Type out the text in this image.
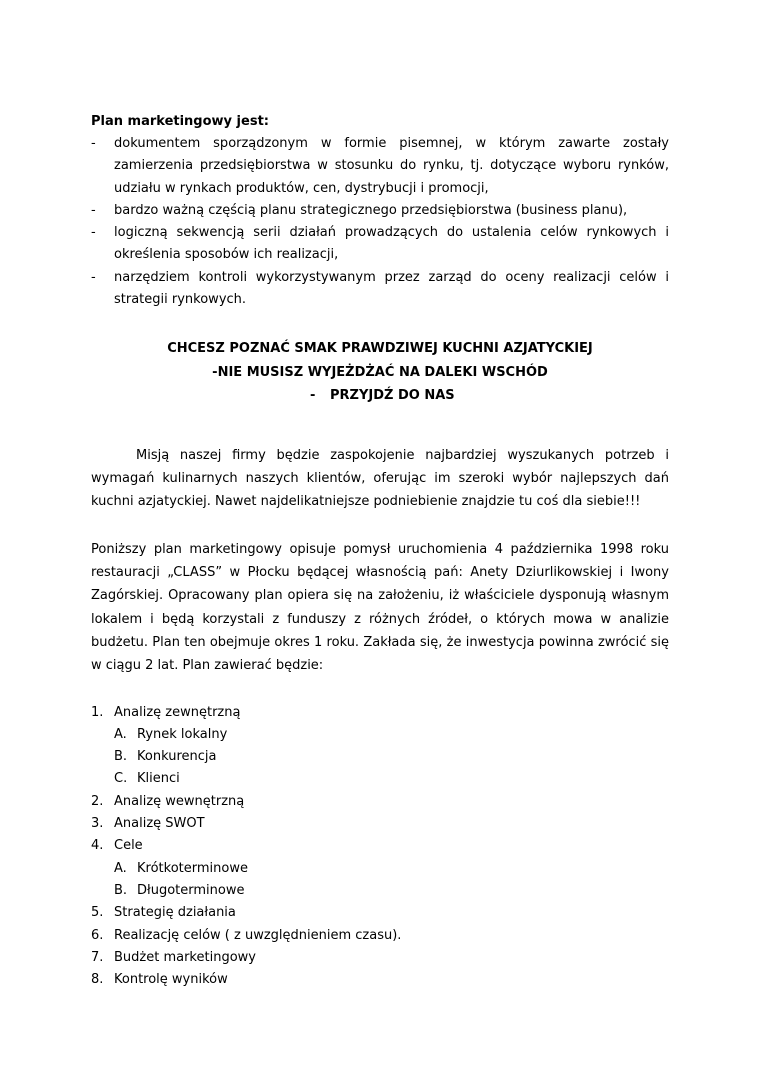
Plan marketingowy jest:

- dokumentem sporządzonym w formie pisemnej, w którym zawarte zostały zamierzenia przedsiębiorstwa w stosunku do rynku, tj. dotyczące wyboru rynków, udziału w rynkach produktów, cen, dystrybucji i promocji,
- bardzo ważną częścią planu strategicznego przedsiębiorstwa (business planu),
- logiczną sekwencją serii działań prowadzących do ustalenia celów rynkowych i określenia sposobów ich realizacji,
- narzędziem kontroli wykorzystywanym przez zarząd do oceny realizacji celów i strategii rynkowych.
CHCESZ POZNAĆ SMAK PRAWDZIWEJ KUCHNI AZJATYCKIEJ
-NIE MUSISZ WYJEŻDŻAĆ NA DALEKI WSCHÓD
- PRZYJDŹ DO NAS

Misją naszej firmy będzie zaspokojenie najbardziej wyszukanych potrzeb i wymagań kulinarnych naszych klientów, oferując im szeroki wybór najlepszych dań kuchni azjatyckiej. Nawet najdelikatniejsze podniebienie znajdzie tu coś dla siebie!!!

Poniższy plan marketingowy opisuje pomysł uruchomienia 4 października 1998 roku restauracji „CLASS” w Płocku będącej własnością pań: Anety Dziurlikowskiej i Iwony Zagórskiej. Opracowany plan opiera się na założeniu, iż właściciele dysponują własnym lokalem i będą korzystali z funduszy z różnych źródeł, o których mowa w analizie budżetu. Plan ten obejmuje okres 1 roku. Zakłada się, że inwestycja powinna zwrócić się w ciągu 2 lat. Plan zawierać będzie:

1. Analizę zewnętrzną
A. Rynek lokalny
B. Konkurencja
C. Klienci
2. Analizę wewnętrzną
3. Analizę SWOT
4. Cele
A. Krótkoterminowe
B. Długoterminowe
5. Strategię działania
6. Realizację celów ( z uwzględnieniem czasu).
7. Budżet marketingowy
8. Kontrolę wyników
